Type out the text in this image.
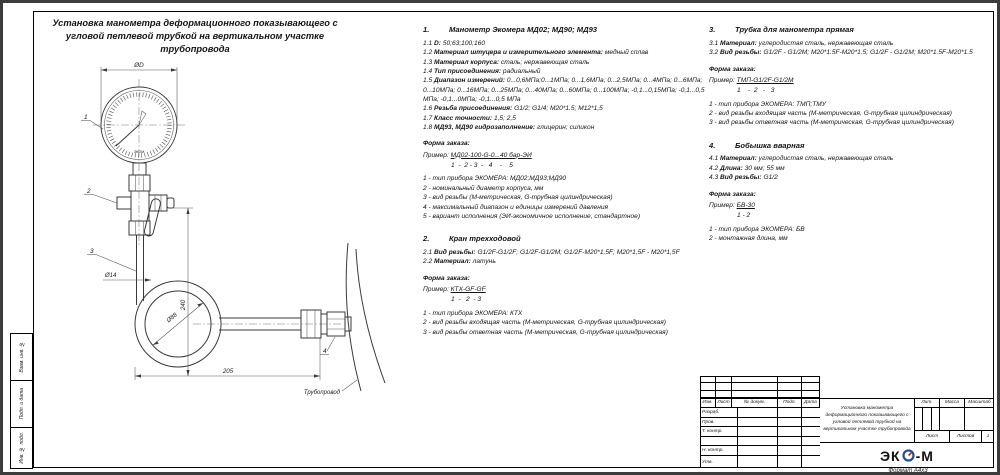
Взам. инв. №
Подп. и дата
Инв. № подл.
Установка манометра деформационного показывающего с угловой петлевой трубкой на вертикальном участке трубопровода
ЭКОМ
ØD
240
205
Ø14
Ø88
1
2
3
4
Трубопровод

1.	Манометр Экомера МД02; МД90; МД93

1.1 D: 50;63;100;160

1.2 Материал штуцера и измерительного элемента: медный сплав

1.3 Материал корпуса: сталь; нержавеющая сталь

1.4 Тип присоединения: радиальный

1.5 Диапазон измерений: 0...0,6МПа;0...1МПа; 0...1,6МПа; 0...2,5МПа; 0...4МПа; 0...6МПа; 0...10МПа; 0...16МПа; 0...25МПа; 0...40МПа; 0...60МПа; 0...100МПа; -0,1...0,15МПа; -0,1...0,5 МПа; -0,1...0МПа; -0,1...0,5 МПа

1.6 Резьба присоединения: G1/2; G1/4; M20*1.5; M12*1,5

1.7 Класс точности: 1,5; 2,5

1.8 МД93, МД90 гидрозаполнение: глицерин; силикон

Форма заказа:

Пример: МД02-100-G-0...40 бар-ЭИ

1  -  2 - 3  -   4    -    5

1 - тип прибора ЭКОМЕРА: МД02;МД93;МД90

2 - номинальный диаметр корпуса, мм

3 - вид резьбы (М-метрическая, G-трубная цилиндрическая)

4 - максимальный диапазон и единицы измерений давления

5 - вариант исполнения (ЭИ-экономичное исполнение, стандартное)

2.	Кран трехходовой

2.1 Вид резьбы: G1/2F-G1/2F; G1/2F-G1/2M; G1/2F-M20*1,5F; M20*1,5F - M20*1,5F

2.2 Материал: латунь

Форма заказа:

Пример: КТХ-GF-GF

1  -   2  - 3

1 - тип прибора ЭКОМЕРА: КТХ

2 - вид резьбы входящая часть (М-метрическая, G-трубная цилиндрическая)

3 - вид резьбы ответная часть (М-метрическая, G-трубная цилиндрическая)

3.	Трубка для манометра прямая

3.1 Материал: углеродистая сталь, нержавеющая сталь

3.2 Вид резьбы: G1/2F - G1/2M; M20*1.5F-M20*1.5; G1/2F - G1/2M; M20*1.5F-M20*1.5

Форма заказа:

Пример: ТМП-G1/2F-G1/2M

1    -  2   -   3

1 - тип прибора ЭКОМЕРА: ТМП;ТМУ

2 - вид резьбы входящая часть (М-метрическая, G-трубная цилиндрическая)

3 - вид резьбы ответная часть (М-метрическая, G-трубная цилиндрическая)

4.	Бобышка вварная

4.1 Материал: углеродистая сталь, нержавеющая сталь

4.2 Длина: 30 мм; 55 мм

4.3 Вид резьбы: G1/2

Форма заказа:

Пример: БВ-30

1 - 2

1 - тип прибора ЭКОМЕРА: БВ

2 - монтажная длина, мм

Изм. Лист	№ докум.	Подп. Дата
Разраб.
Пров.
Т. контр.
Н. контр.
Утв.
Установка манометра деформационного показывающего с угловой петлевой трубкой на вертикальном участке трубопровода
Лит.	Масса Масштаб
Лист	Листов	1
ЭК -М
Формат А4х3
